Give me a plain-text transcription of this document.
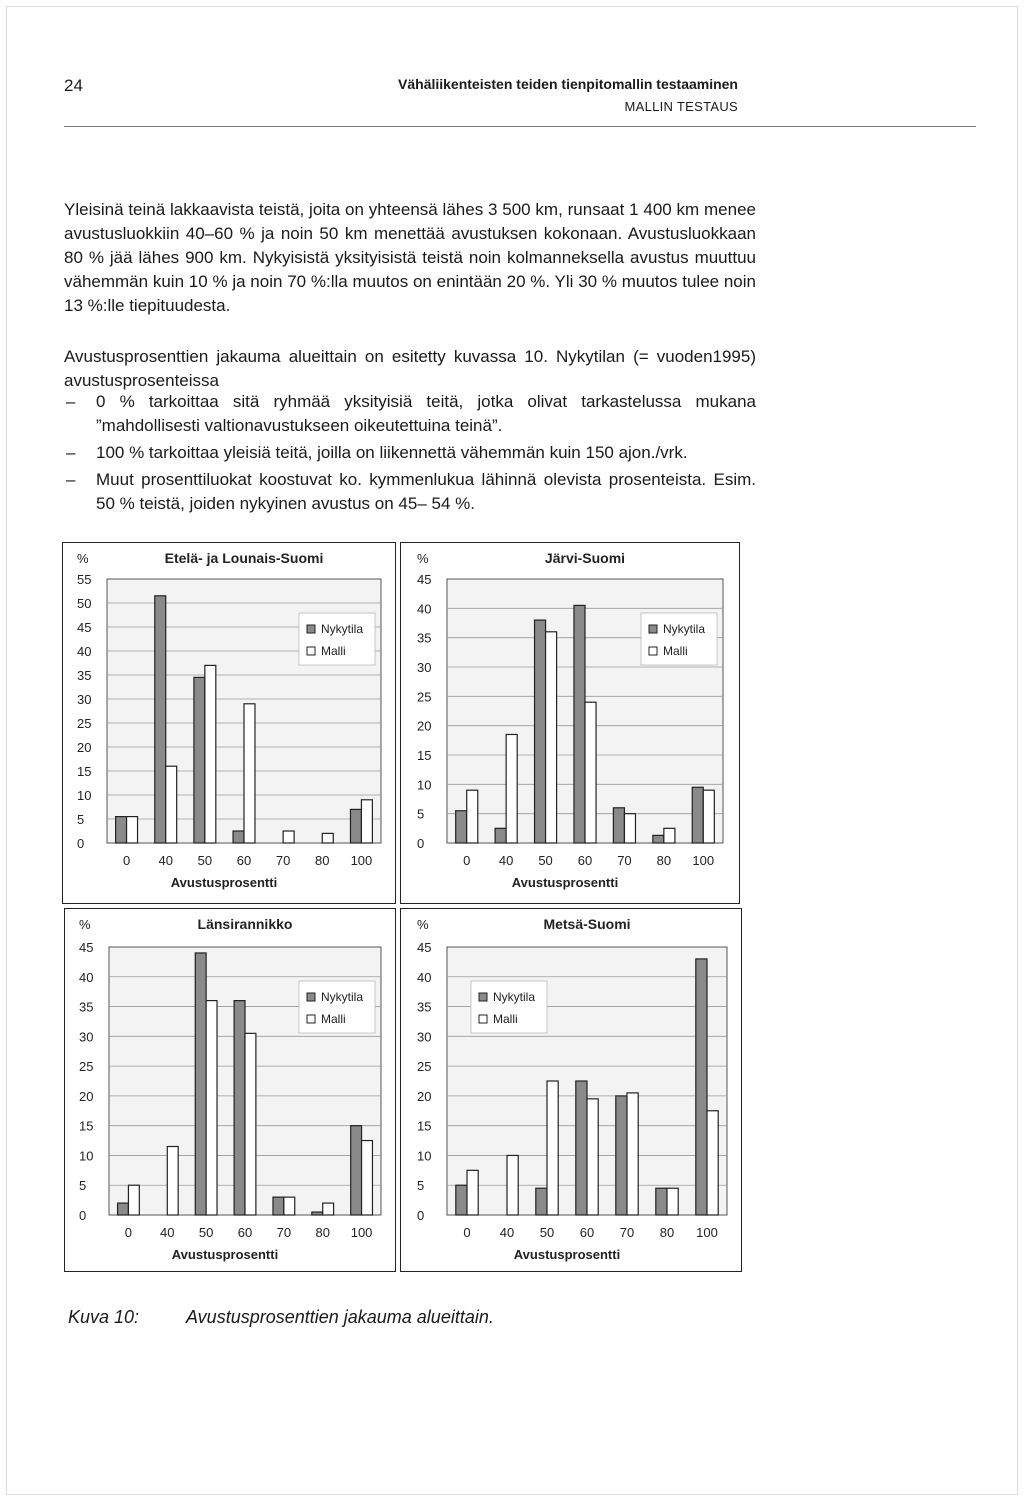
24	Vähäliikenteisten teiden tienpitomallin testaaminen
MALLIN TESTAUS
Yleisinä teinä lakkaavista teistä, joita on yhteensä lähes 3 500 km, runsaat 1 400 km menee avustusluokkiin 40–60 % ja noin 50 km menettää avustuksen kokonaan. Avustusluokkaan 80 % jää lähes 900 km. Nykyisistä yksityisistä teistä noin kolmanneksella avustus muuttuu vähemmän kuin 10 % ja noin 70 %:lla muutos on enintään 20 %. Yli 30 % muutos tulee noin 13 %:lle tiepituudesta.
Avustusprosenttien jakauma alueittain on esitetty kuvassa 10. Nykytilan (= vuoden1995) avustusprosenteissa
– 0 % tarkoittaa sitä ryhmää yksityisiä teitä, jotka olivat tarkastelussa mukana ”mahdollisesti valtionavustukseen oikeutettuina teinä”.
– 100 % tarkoittaa yleisiä teitä, joilla on liikennettä vähemmän kuin 150 ajon./vrk.
– Muut prosenttiluokat koostuvat ko. kymmenlukua lähinnä olevista prosenteista. Esim. 50 % teistä, joiden nykyinen avustus on 45– 54 %.
0
5
10
15
20
25
30
35
40
45
50
55
%	Etelä- ja Lounais-Suomi
0 40 50 60 70 80 100
Avustusprosentti
Nykytila
Malli
0
5
10
15
20
25
30
35
40
45
%	Järvi-Suomi
0 40 50 60 70 80 100
Avustusprosentti
Nykytila
Malli
0
5
10
15
20
25
30
35
40
45
%	Länsirannikko
0 40 50 60 70 80 100
Avustusprosentti
Nykytila
Malli
0
5
10
15
20
25
30
35
40
45
%	Metsä-Suomi
0 40 50 60 70 80 100
Avustusprosentti
Nykytila
Malli
Kuva 10:	Avustusprosenttien jakauma alueittain.
